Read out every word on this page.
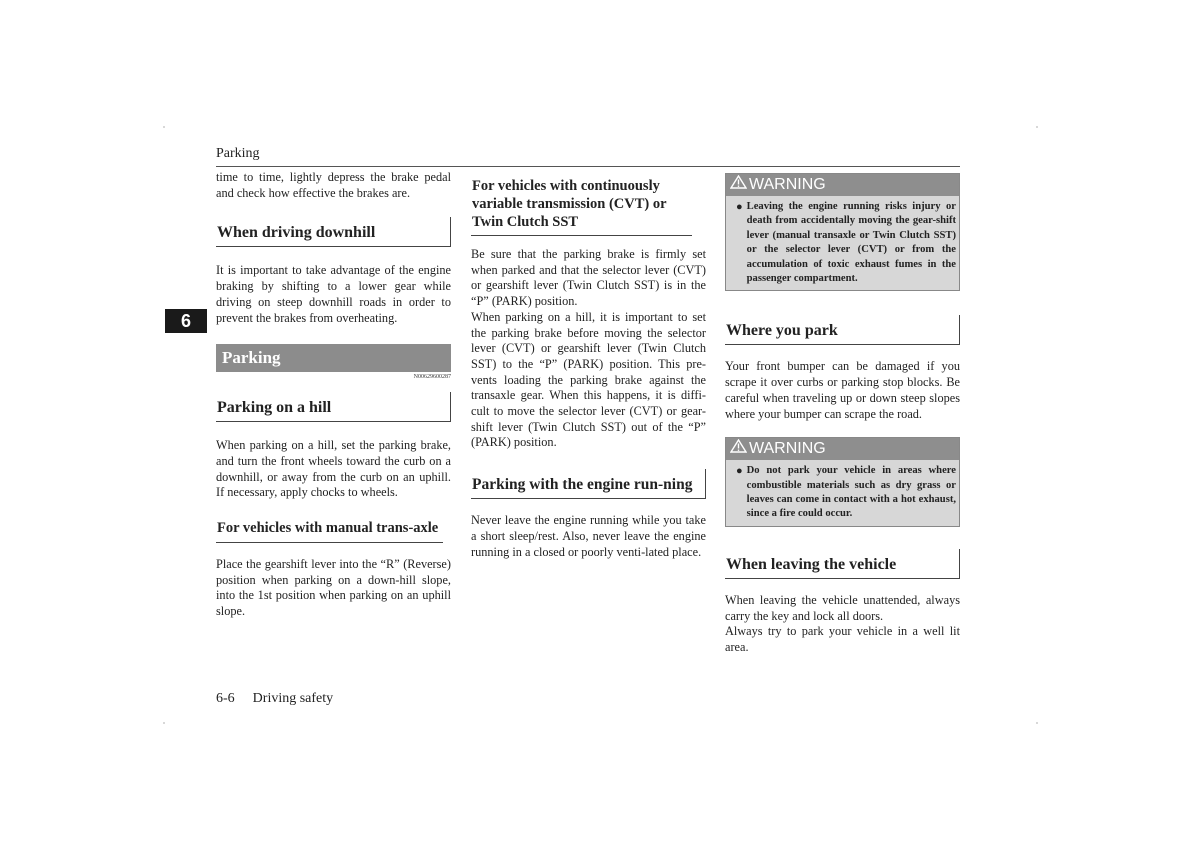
Parking
6

time to time, lightly depress the brake pedal and check how effective the brakes are.

When driving downhill

It is important to take advantage of the engine braking by shifting to a lower gear while driving on steep downhill roads in order to prevent the brakes from overheating.

Parking
N00629600287
Parking on a hill

When parking on a hill, set the parking brake, and turn the front wheels toward the curb on a downhill, or away from the curb on an uphill. If necessary, apply chocks to wheels.

For vehicles with manual trans-axle

Place the gearshift lever into the “R” (Reverse) position when parking on a down-hill slope, into the 1st position when parking on an uphill slope.

For vehicles with continuously variable transmission (CVT) or Twin Clutch SST

Be sure that the parking brake is firmly set when parked and that the selector lever (CVT) or gearshift lever (Twin Clutch SST) is in the “P” (PARK) position.

When parking on a hill, it is important to set the parking brake before moving the selector lever (CVT) or gearshift lever (Twin Clutch SST) to the “P” (PARK) position. This pre-vents loading the parking brake against the transaxle gear. When this happens, it is diffi-cult to move the selector lever (CVT) or gear-shift lever (Twin Clutch SST) out of the “P” (PARK) position.

Parking with the engine run-ning

Never leave the engine running while you take a short sleep/rest. Also, never leave the engine running in a closed or poorly venti-lated place.

WARNING
● Leaving the engine running risks injury or death from accidentally moving the gear-shift lever (manual transaxle or Twin Clutch SST) or the selector lever (CVT) or from the accumulation of toxic exhaust fumes in the passenger compartment.
Where you park

Your front bumper can be damaged if you scrape it over curbs or parking stop blocks. Be careful when traveling up or down steep slopes where your bumper can scrape the road.

WARNING
● Do not park your vehicle in areas where combustible materials such as dry grass or leaves can come in contact with a hot exhaust, since a fire could occur.
When leaving the vehicle

When leaving the vehicle unattended, always carry the key and lock all doors.

Always try to park your vehicle in a well lit area.

6-6 Driving safety
